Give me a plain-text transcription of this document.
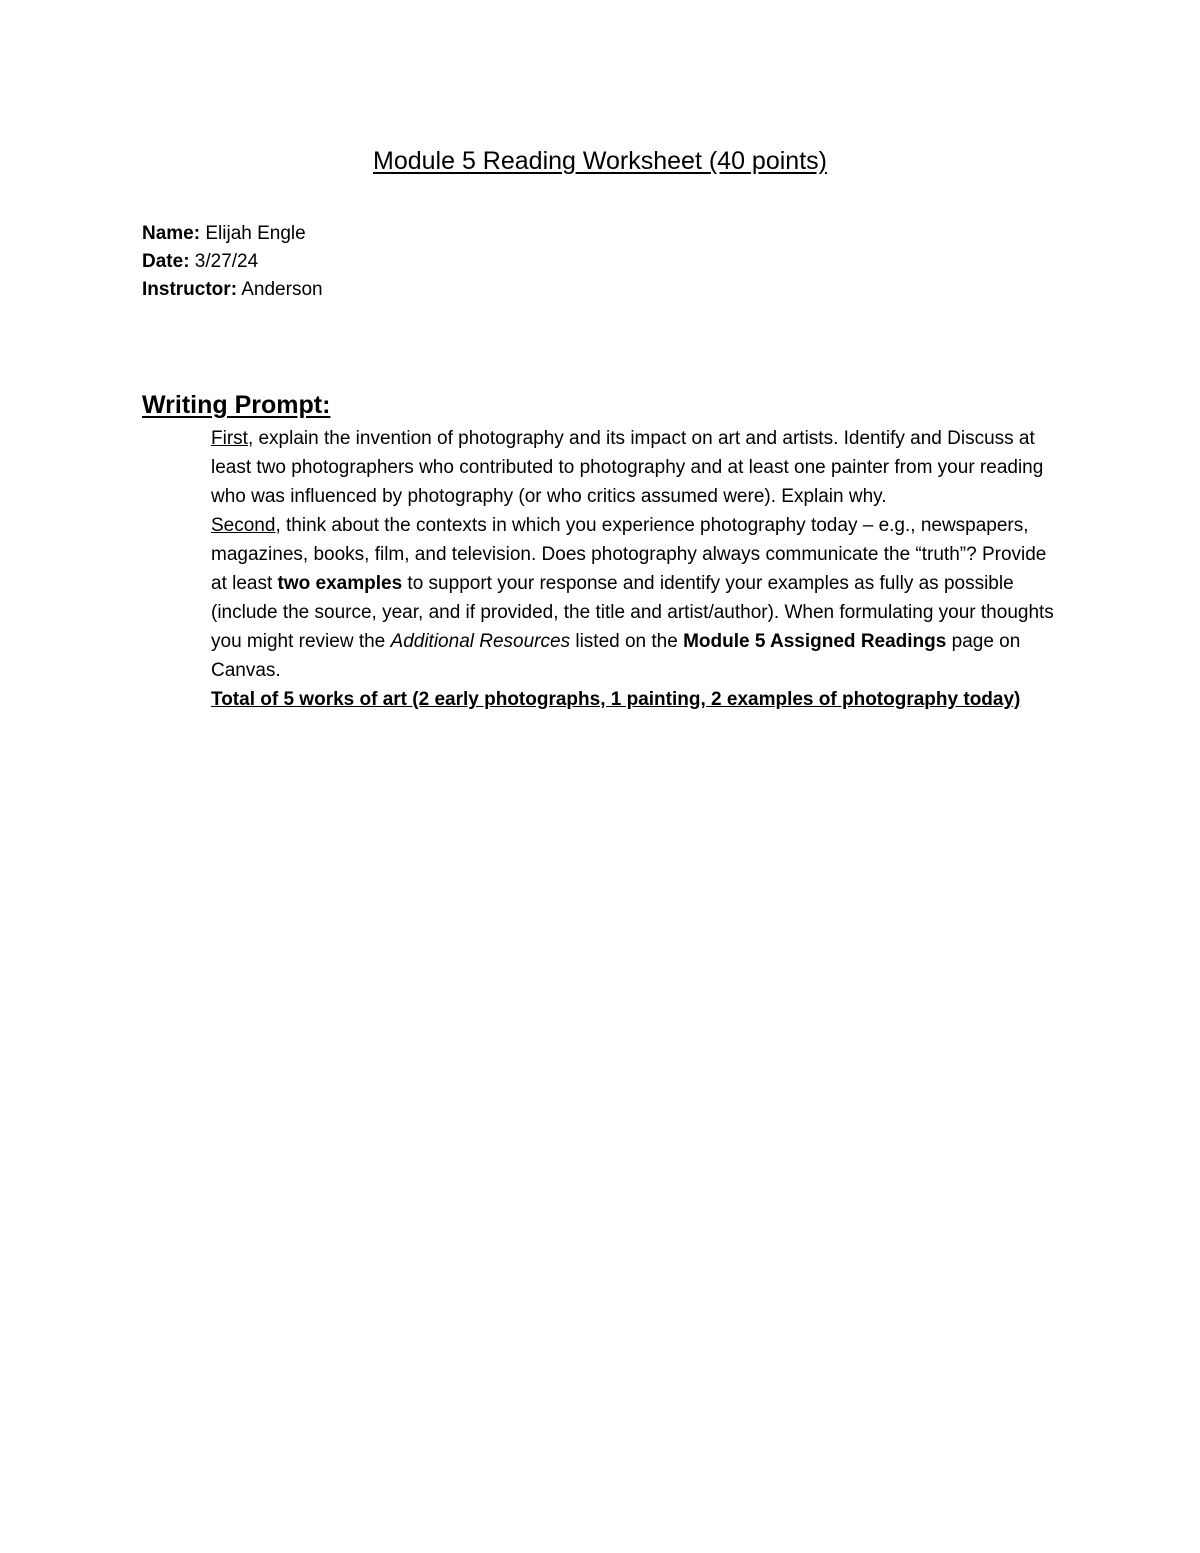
Module 5 Reading Worksheet (40 points)
Name: Elijah Engle
Date: 3/27/24
Instructor: Anderson
Writing Prompt:

First, explain the invention of photography and its impact on art and artists. Identify and Discuss at least two photographers who contributed to photography and at least one painter from your reading who was influenced by photography (or who critics assumed were). Explain why.

Second, think about the contexts in which you experience photography today – e.g., newspapers, magazines, books, film, and television. Does photography always communicate the “truth”? Provide at least two examples to support your response and identify your examples as fully as possible (include the source, year, and if provided, the title and artist/author). When formulating your thoughts you might review the Additional Resources listed on the Module 5 Assigned Readings page on Canvas.

Total of 5 works of art (2 early photographs, 1 painting, 2 examples of photography today)
